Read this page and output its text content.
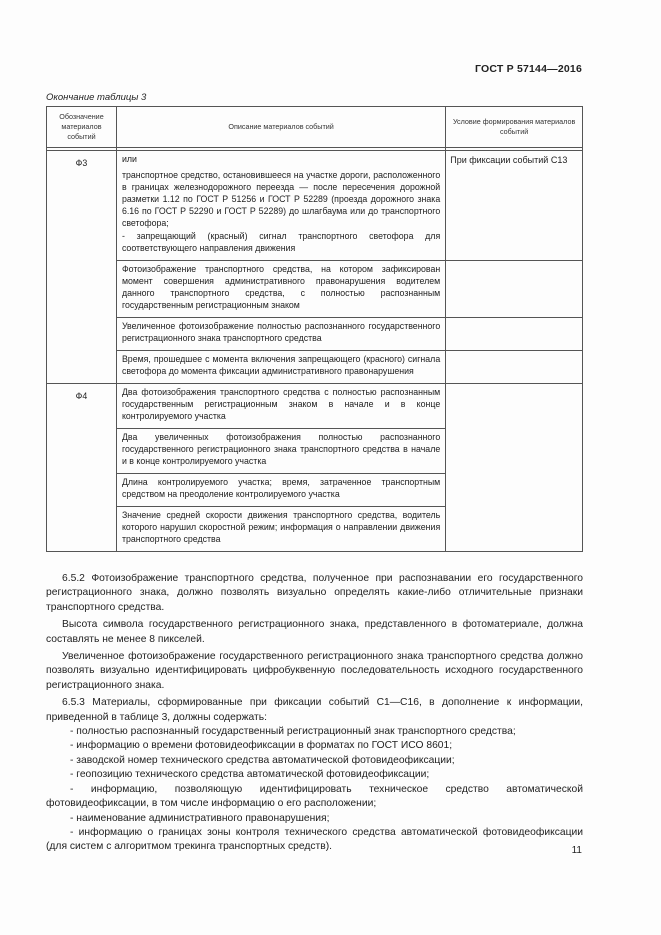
ГОСТ Р 57144—2016
Окончание таблицы 3
Обозначение материалов событий	Описание материалов событий	Условие формирования материалов событий

Ф3	или

транспортное средство, остановившееся на участке дороги, расположенного в границах железнодорожного переезда — после пересечения дорожной разметки 1.12 по ГОСТ Р 51256 и ГОСТ Р 52289 (проезда дорожного знака 6.16 по ГОСТ Р 52290 и ГОСТ Р 52289) до шлагбаума или до транспортного светофора;

- запрещающий (красный) сигнал транспортного светофора для соответствующего направления движения	При фиксации событий С13

	Фотоизображение транспортного средства, на котором зафиксирован момент совершения административного правонарушения водителем данного транспортного средства, с полностью распознанным государственным регистрационным знаком	

	Увеличенное фотоизображение полностью распознанного государственного регистрационного знака транспортного средства	

	Время, прошедшее с момента включения запрещающего (красного) сигнала светофора до момента фиксации административного правонарушения	

Ф4	Два фотоизображения транспортного средства с полностью распознанным государственным регистрационным знаком в начале и в конце контролируемого участка	

	Два увеличенных фотоизображения полностью распознанного государственного регистрационного знака транспортного средства в начале и в конце контролируемого участка	

	Длина контролируемого участка; время, затраченное транспортным средством на преодоление контролируемого участка	

	Значение средней скорости движения транспортного средства, водитель которого нарушил скоростной режим; информация о направлении движения транспортного средства	

6.5.2 Фотоизображение транспортного средства, полученное при распознавании его государственного регистрационного знака, должно позволять визуально определять какие-либо отличительные признаки транспортного средства.

Высота символа государственного регистрационного знака, представленного в фотоматериале, должна составлять не менее 8 пикселей.

Увеличенное фотоизображение государственного регистрационного знака транспортного средства должно позволять визуально идентифицировать цифробуквенную последовательность исходного государственного регистрационного знака.

6.5.3 Материалы, сформированные при фиксации событий С1—С16, в дополнение к информации, приведенной в таблице 3, должны содержать:

- полностью распознанный государственный регистрационный знак транспортного средства;

- информацию о времени фотовидеофиксации в форматах по ГОСТ ИСО 8601;

- заводской номер технического средства автоматической фотовидеофиксации;

- геопозицию технического средства автоматической фотовидеофиксации;

- информацию, позволяющую идентифицировать техническое средство автоматической фотовидеофиксации, в том числе информацию о его расположении;

- наименование административного правонарушения;

- информацию о границах зоны контроля технического средства автоматической фотовидеофиксации (для систем с алгоритмом трекинга транспортных средств).	11
